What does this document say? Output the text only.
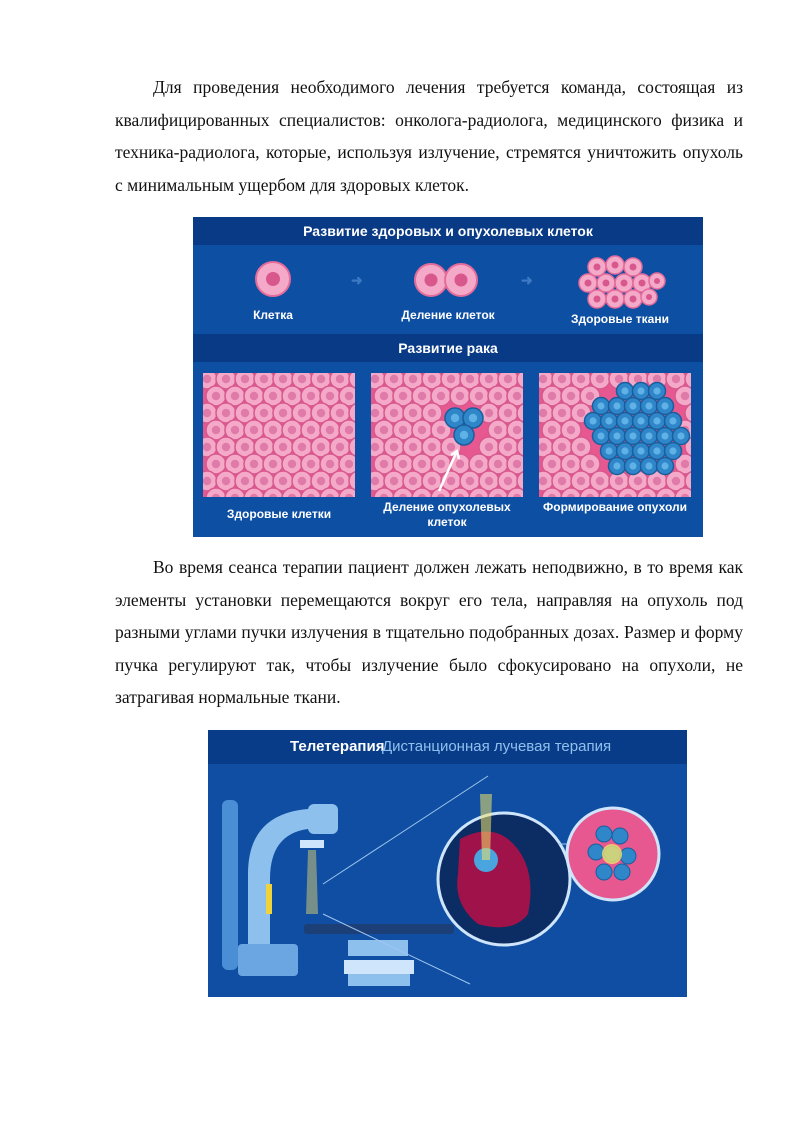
Для проведения необходимого лечения требуется команда, состоящая из квалифицированных специалистов: онколога-радиолога, медицинского физика и техника-радиолога, которые, используя излучение, стремятся уничтожить опухоль с минимальным ущербом для здоровых клеток.

Развитие здоровых и опухолевых клеток
➜	➜
Клетка	Деление клеток	Здоровые ткани
Развитие рака
Здоровые клетки	Деление опухолевых клеток
Формирование опухоли

Во время сеанса терапии пациент должен лежать неподвижно, в то время как элементы установки перемещаются вокруг его тела, направляя на опухоль под разными углами пучки излучения в тщательно подобранных дозах. Размер и форму пучка регулируют так, чтобы излучение было сфокусировано на опухоли, не затрагивая нормальные ткани.

Телетерапия
Дистанционная лучевая терапия
